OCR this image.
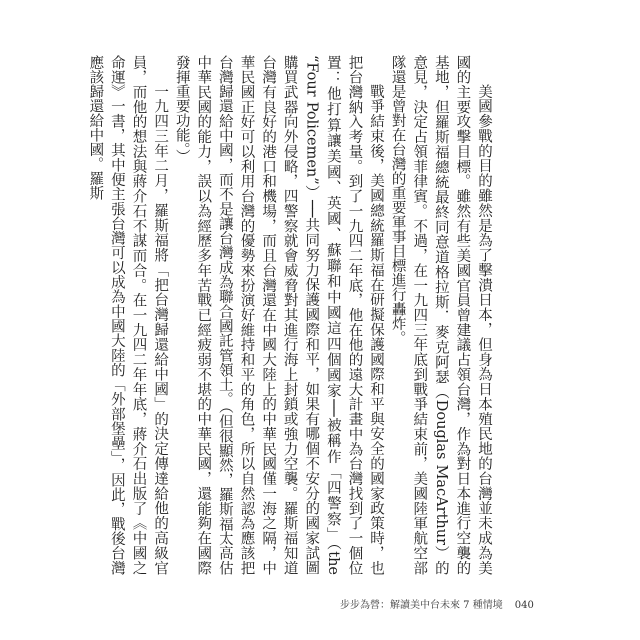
美國參戰的目的雖然是為了擊潰日本，但身為日本殖民地的台灣並未成為美國的主要攻擊目標。雖然有些美國官員曾建議占領台灣，作為對日本進行空襲的基地，但羅斯福總統最終同意道格拉斯．麥克阿瑟（Douglas MacArthur）的意見，決定占領菲律賓。不過，在一九四三年底到戰爭結束前，美國陸軍航空部隊還是曾對在台灣的重要軍事目標進行轟炸。

戰爭結束後，美國總統羅斯福在研擬保護國際和平與安全的國家政策時，也把台灣納入考量。到了一九四二年底，他在他的遠大計畫中為台灣找到了一個位置：他打算讓美國、英國、蘇聯和中國這四個國家──被稱作「四警察」（the “Four Policemen”）──共同努力保護國際和平，如果有哪個不安分的國家試圖購買武器向外侵略，四警察就會威脅對其進行海上封鎖或強力空襲。羅斯福知道台灣有良好的港口和機場，而且台灣還在中國大陸上的中華民國僅一海之隔，中華民國正好可以利用台灣的優勢來扮演好維持和平的角色，所以自然認為應該把台灣歸還給中國，而不是讓台灣成為聯合國託管領土。（但很顯然，羅斯福太高估中華民國的能力，誤以為經歷多年苦戰已經疲弱不堪的中華民國，還能夠在國際發揮重要功能。）

一九四三年二月，羅斯福將「把台灣歸還給中國」的決定傳達給他的高級官員，而他的想法與蔣介石不謀而合。在一九四二年年底，蔣介石出版了《中國之命運》一書，其中便主張台灣可以成為中國大陸的「外部堡壘」，因此，戰後台灣應該歸還給中國。羅斯

步步為營：解讀美中台未來 7 種情境 040
